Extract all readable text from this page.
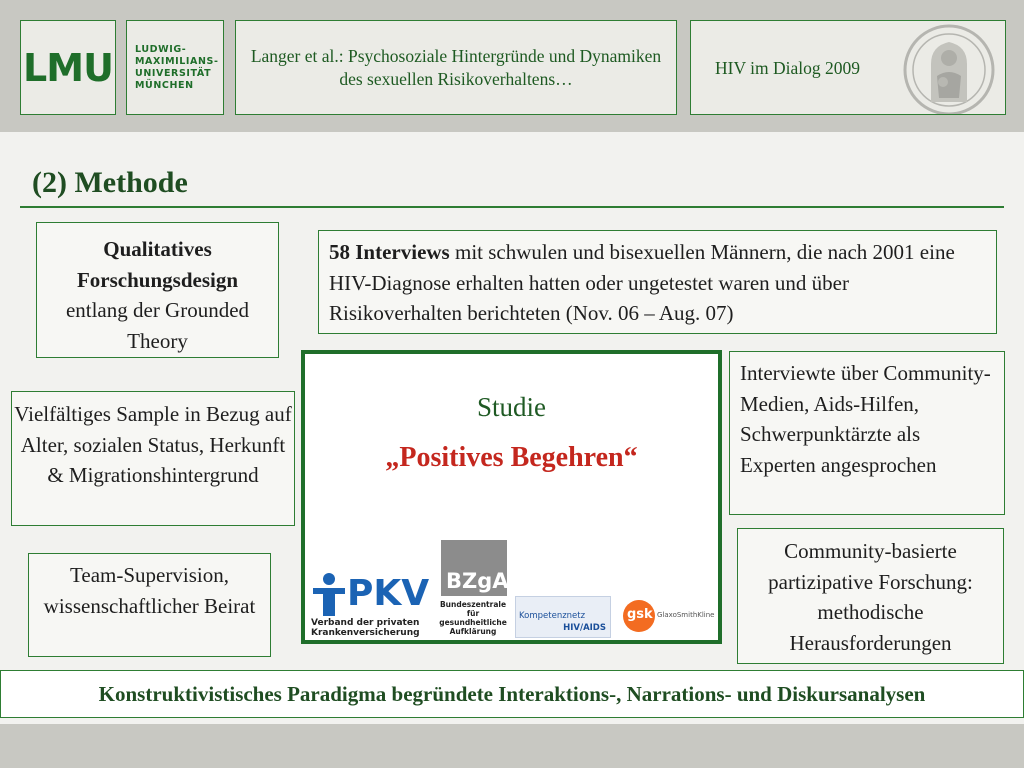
LMU LUDWIG-
MAXIMILIANS-
UNIVERSITÄT
MÜNCHEN
Langer et al.: Psychosoziale Hintergründe und Dynamiken des sexuellen Risikoverhaltens…
HIV im Dialog 2009
(2) Methode
Qualitatives Forschungsdesign
entlang der Grounded Theory
58 Interviews mit schwulen und bisexuellen Männern, die nach 2001 eine HIV-Diagnose erhalten hatten oder ungetestet waren und über Risikoverhalten berichteten (Nov. 06 – Aug. 07)
Vielfältiges Sample in Bezug auf Alter, sozialen Status, Herkunft & Migrationshintergrund
Interviewte über Community-Medien, Aids-Hilfen, Schwerpunktärzte als Experten angesprochen
Team-Supervision, wissenschaftlicher Beirat
Community-basierte partizipative Forschung: methodische Herausforderungen
Studie
„Positives Begehren“
PKV
Verband der privaten
Krankenversicherung
BZgA
Bundeszentrale
für
gesundheitliche
Aufklärung
Kompetenznetz
HIV/AIDS
gsk GlaxoSmithKline
Konstruktivistisches Paradigma begründete Interaktions-, Narrations- und Diskursanalysen
